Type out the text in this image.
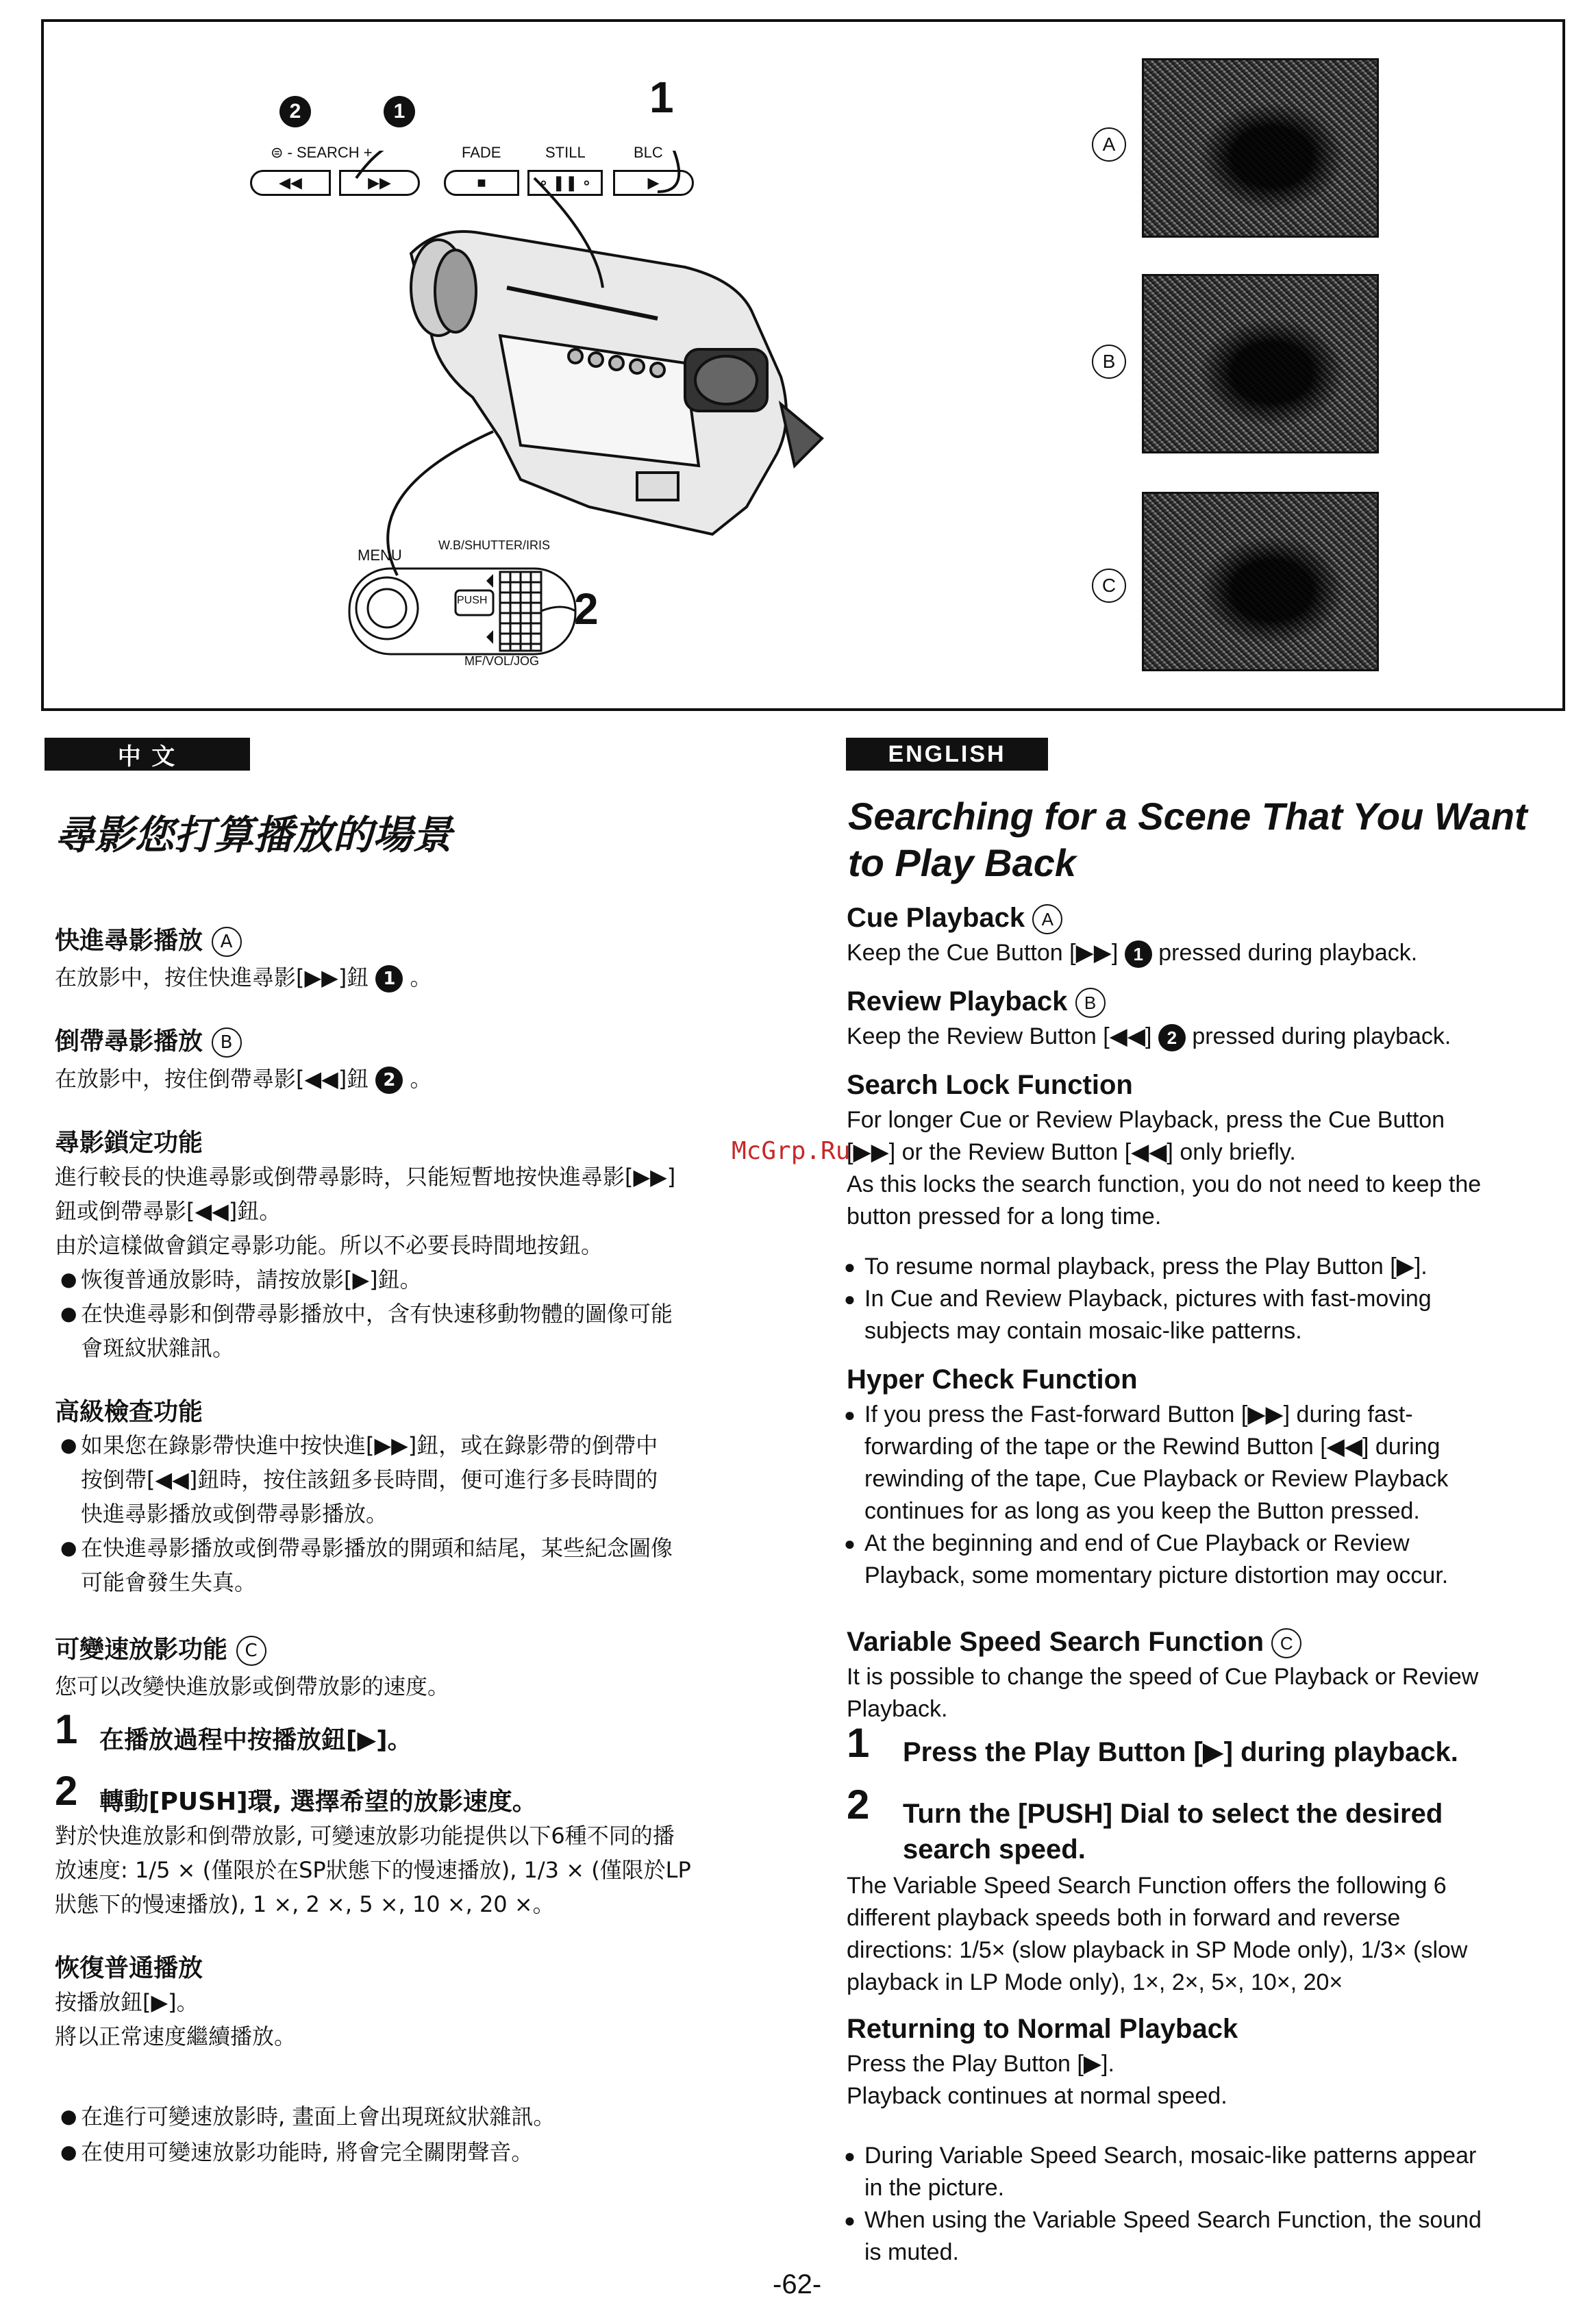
2	1	1
⊜ - SEARCH +	FADE	STILL	BLC
◀◀	▶▶	■	∘ ❚❚ ∘	▶
MENU
W.B/SHUTTER/IRIS
PUSH 2
MF/VOL/JOG
A
B
C
中 文
尋影您打算播放的場景
快進尋影播放 A
在放影中，按住快進尋影[▶▶]鈕 1 。
倒帶尋影播放 B
在放影中，按住倒帶尋影[◀◀]鈕 2 。
尋影鎖定功能
進行較長的快進尋影或倒帶尋影時，只能短暫地按快進尋影[▶▶]
鈕或倒帶尋影[◀◀]鈕。
由於這樣做會鎖定尋影功能。所以不必要長時間地按鈕。
● 恢復普通放影時，請按放影[▶]鈕。
● 在快進尋影和倒帶尋影播放中，含有快速移動物體的圖像可能
會斑紋狀雜訊。
高級檢查功能
● 如果您在錄影帶快進中按快進[▶▶]鈕，或在錄影帶的倒帶中
按倒帶[◀◀]鈕時，按住該鈕多長時間，便可進行多長時間的
快進尋影播放或倒帶尋影播放。
● 在快進尋影播放或倒帶尋影播放的開頭和結尾，某些紀念圖像
可能會發生失真。
可變速放影功能 C
您可以改變快進放影或倒帶放影的速度。
1 在播放過程中按播放鈕[▶]。
2 轉動[PUSH]環, 選擇希望的放影速度。
對於快進放影和倒帶放影, 可變速放影功能提供以下6種不同的播
放速度: 1/5 × (僅限於在SP狀態下的慢速播放), 1/3 × (僅限於LP
狀態下的慢速播放), 1 ×, 2 ×, 5 ×, 10 ×, 20 ×。
恢復普通播放
按播放鈕[▶]。
將以正常速度繼續播放。
● 在進行可變速放影時, 畫面上會出現斑紋狀雜訊。
● 在使用可變速放影功能時, 將會完全關閉聲音。
ENGLISH
Searching for a Scene That You Want
to Play Back
Cue Playback A
Keep the Cue Button [▶▶] 1 pressed during playback.
Review Playback B
Keep the Review Button [◀◀] 2 pressed during playback.
Search Lock Function
For longer Cue or Review Playback, press the Cue Button
[▶▶] or the Review Button [◀◀] only briefly.
As this locks the search function, you do not need to keep the
button pressed for a long time.
● To resume normal playback, press the Play Button [▶].
● In Cue and Review Playback, pictures with fast-moving
subjects may contain mosaic-like patterns.
Hyper Check Function
● If you press the Fast-forward Button [▶▶] during fast-
forwarding of the tape or the Rewind Button [◀◀] during
rewinding of the tape, Cue Playback or Review Playback
continues for as long as you keep the Button pressed.
● At the beginning and end of Cue Playback or Review
Playback, some momentary picture distortion may occur.
Variable Speed Search Function C
It is possible to change the speed of Cue Playback or Review
Playback.
1 Press the Play Button [▶] during playback.
2 Turn the [PUSH] Dial to select the desired
search speed.
The Variable Speed Search Function offers the following 6
different playback speeds both in forward and reverse
directions: 1/5× (slow playback in SP Mode only), 1/3× (slow
playback in LP Mode only), 1×, 2×, 5×, 10×, 20×
Returning to Normal Playback
Press the Play Button [▶].
Playback continues at normal speed.
● During Variable Speed Search, mosaic-like patterns appear
in the picture.
● When using the Variable Speed Search Function, the sound
is muted.
McGrp.Ru
-62-
